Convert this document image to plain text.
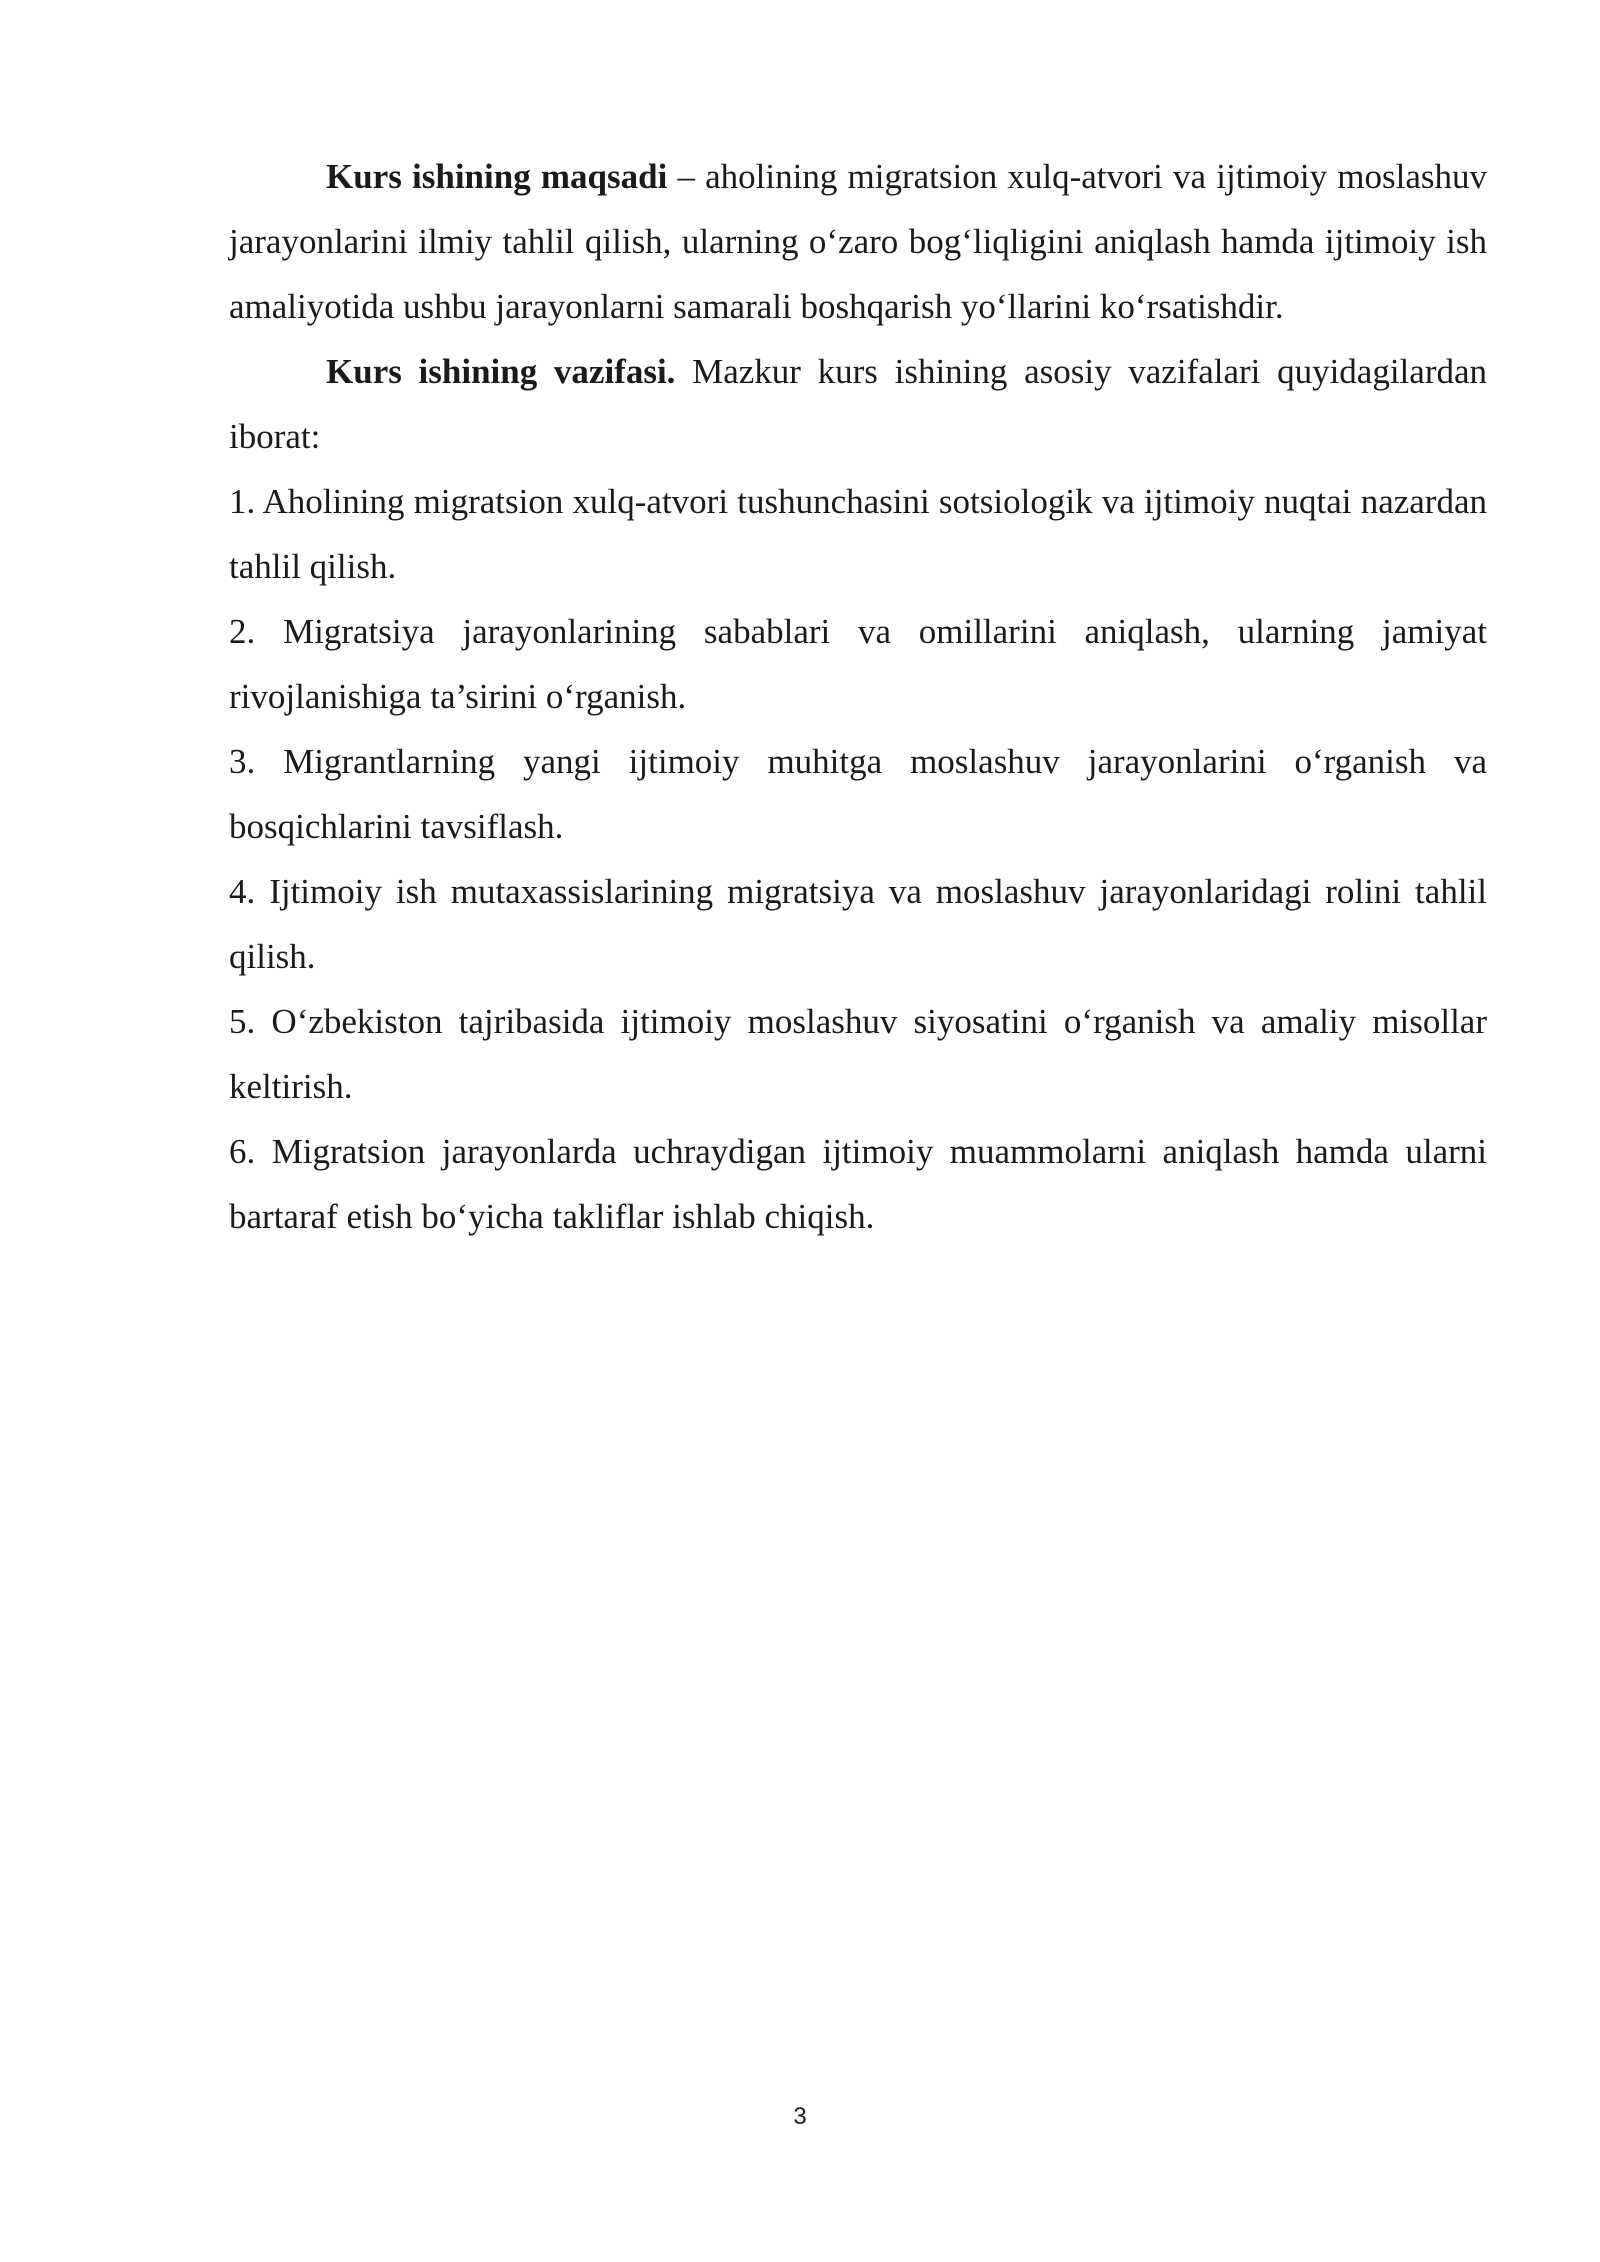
Kurs ishining maqsadi – aholining migratsion xulq-atvori va ijtimoiy moslashuv jarayonlarini ilmiy tahlil qilish, ularning o‘zaro bog‘liqligini aniqlash hamda ijtimoiy ish amaliyotida ushbu jarayonlarni samarali boshqarish yo‘llarini ko‘rsatishdir.

Kurs ishining vazifasi. Mazkur kurs ishining asosiy vazifalari quyidagilardan iborat:

1. Aholining migratsion xulq-atvori tushunchasini sotsiologik va ijtimoiy nuqtai nazardan tahlil qilish.

2. Migratsiya jarayonlarining sabablari va omillarini aniqlash, ularning jamiyat rivojlanishiga ta’sirini o‘rganish.

3. Migrantlarning yangi ijtimoiy muhitga moslashuv jarayonlarini o‘rganish va bosqichlarini tavsiflash.

4. Ijtimoiy ish mutaxassislarining migratsiya va moslashuv jarayonlaridagi rolini tahlil qilish.

5. O‘zbekiston tajribasida ijtimoiy moslashuv siyosatini o‘rganish va amaliy misollar keltirish.

6. Migratsion jarayonlarda uchraydigan ijtimoiy muammolarni aniqlash hamda ularni bartaraf etish bo‘yicha takliflar ishlab chiqish.

3
